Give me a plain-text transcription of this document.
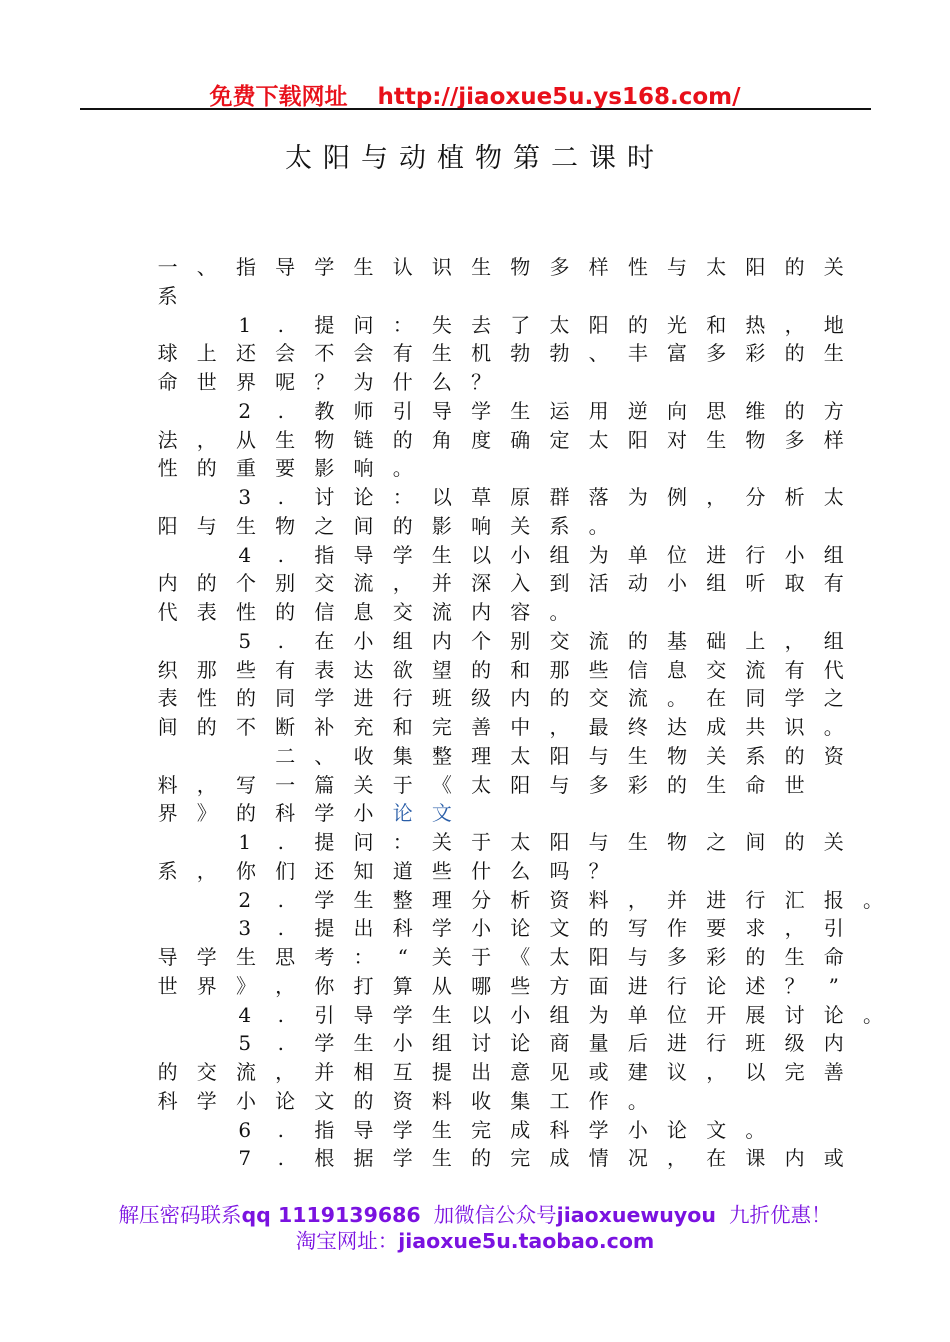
免费下载网址 http://jiaoxue5u.ys168.com/
太阳与动植物第二课时
一 、 指 导 学 生 认 识 生 物 多 样 性 与 太 阳 的 关
系
1 . 提 问 ： 失 去 了 太 阳 的 光 和 热 ， 地
球 上 还 会 不 会 有 生 机 勃 勃 、 丰 富 多 彩 的 生
命 世 界 呢 ？ 为 什 么 ？
2 . 教 师 引 导 学 生 运 用 逆 向 思 维 的 方
法 ， 从 生 物 链 的 角 度 确 定 太 阳 对 生 物 多 样
性 的 重 要 影 响 。
3 . 讨 论 ： 以 草 原 群 落 为 例 ， 分 析 太
阳 与 生 物 之 间 的 影 响 关 系 。
4 . 指 导 学 生 以 小 组 为 单 位 进 行 小 组
内 的 个 别 交 流 ， 并 深 入 到 活 动 小 组 听 取 有
代 表 性 的 信 息 交 流 内 容 。
5 . 在 小 组 内 个 别 交 流 的 基 础 上 ， 组
织 那 些 有 表 达 欲 望 的 和 那 些 信 息 交 流 有 代
表 性 的 同 学 进 行 班 级 内 的 交 流 。 在 同 学 之
间 的 不 断 补 充 和 完 善 中 ， 最 终 达 成 共 识 。
二 、 收 集 整 理 太 阳 与 生 物 关 系 的 资
料 ， 写 一 篇 关 于 《 太 阳 与 多 彩 的 生 命 世
界 》 的 科 学 小 论 文
1 . 提 问 ： 关 于 太 阳 与 生 物 之 间 的 关
系 ， 你 们 还 知 道 些 什 么 吗 ？
2 . 学 生 整 理 分 析 资 料 ， 并 进 行 汇 报 。
3 . 提 出 科 学 小 论 文 的 写 作 要 求 ， 引
导 学 生 思 考 ： “ 关 于 《 太 阳 与 多 彩 的 生 命
世 界 》 ， 你 打 算 从 哪 些 方 面 进 行 论 述 ？ ”
4 . 引 导 学 生 以 小 组 为 单 位 开 展 讨 论 。
5 . 学 生 小 组 讨 论 商 量 后 进 行 班 级 内
的 交 流 ， 并 相 互 提 出 意 见 或 建 议 ， 以 完 善
科 学 小 论 文 的 资 料 收 集 工 作 。
6 . 指 导 学 生 完 成 科 学 小 论 文 。
7 . 根 据 学 生 的 完 成 情 况 ， 在 课 内 或
解压密码联系qq 1119139686 加微信公众号jiaoxuewuyou 九折优惠！
淘宝网址：jiaoxue5u.taobao.com
